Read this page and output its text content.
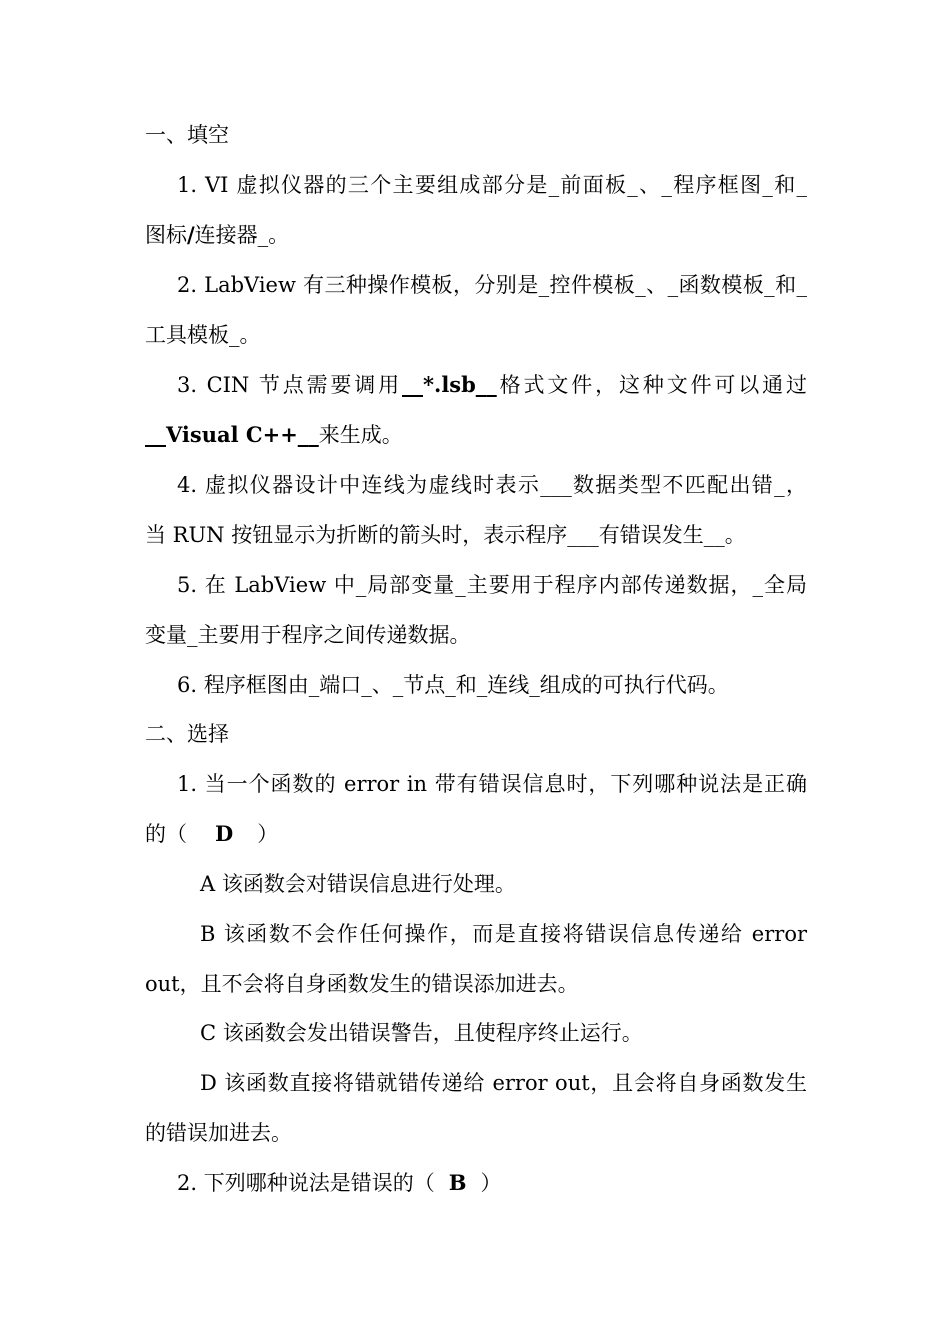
一、填空
1. VI 虚拟仪器的三个主要组成部分是_前面板_、_程序框图_和_
图标/连接器_。
2. LabView 有三种操作模板，分别是_控件模板_、_函数模板_和_
工具模板_。
3. CIN 节点需要调用__*.lsb__格式文件，这种文件可以通过
__Visual C++__来生成。
4. 虚拟仪器设计中连线为虚线时表示___数据类型不匹配出错_，
当 RUN 按钮显示为折断的箭头时，表示程序___有错误发生__。
5. 在 LabView 中_局部变量_主要用于程序内部传递数据，_全局
变量_主要用于程序之间传递数据。
6. 程序框图由_端口_、_节点_和_连线_组成的可执行代码。
二、选择
1. 当一个函数的 error in 带有错误信息时，下列哪种说法是正确
的（ D ）
A 该函数会对错误信息进行处理。
B 该函数不会作任何操作，而是直接将错误信息传递给 error
out，且不会将自身函数发生的错误添加进去。
C 该函数会发出错误警告，且使程序终止运行。
D 该函数直接将错就错传递给 error out，且会将自身函数发生
的错误加进去。
2. 下列哪种说法是错误的（ B ）
